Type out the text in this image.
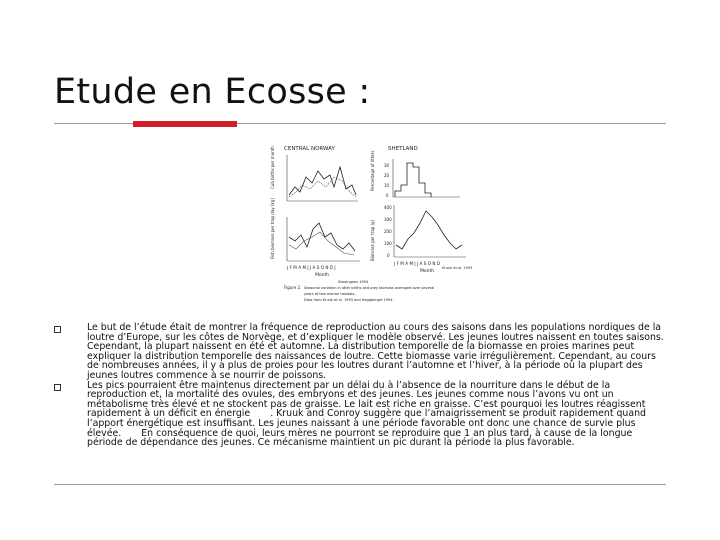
Etude en Ecosse :
CENTRAL NORWAY
Cub births per month	SHETLAND
Percentage of litters 30
20
10
0
Fish biomass per trap day (kg)
J F M A M J J A S O N D J
Month
Skeaingsen 1994
Biomass per trap (g)
400
300
200
100
0
J F M A M J J A S O N D
Month
Kruuk et al. 1993
Figure 2. Seasonal variation in otter births and prey biomass averaged over several
years at two marine habitats.
Data from Kruuk et al. 1993 and Heggberget 1994.
Le but de l’étude était de montrer la fréquence de reproduction au cours des saisons dans les populations nordiques de la loutre d’Europe, sur les côtes de Norvège, et d’expliquer le modèle observé. Les jeunes loutres naissent en toutes saisons. Cependant, la plupart naissent en été et automne. La distribution temporelle de la biomasse en proies marines peut expliquer la distribution temporelle des naissances de loutre. Cette biomasse varie irrégulièrement. Cependant, au cours de nombreuses années, il y a plus de proies pour les loutres durant l’automne et l’hiver, à la période où la plupart des jeunes loutres commence à se nourrir de poissons.
Les pics pourraient être maintenus directement par un délai du à l’absence de la nourriture dans le début de la reproduction et, la mortalité des ovules, des embryons et des jeunes. Les jeunes comme nous l’avons vu ont un métabolisme très élevé et ne stockent pas de graisse. Le lait est riche en graisse. C’est pourquoi les loutres réagissent rapidement à un déficit en énergie . Kruuk and Conroy suggère que l’amaigrissement se produit rapidement quand l’apport énergétique est insuffisant. Les jeunes naissant à une période favorable ont donc une chance de survie plus élevée. En conséquence de quoi, leurs mères ne pourront se reproduire que 1 an plus tard, à cause de la longue période de dépendance des jeunes. Ce mécanisme maintient un pic durant la période la plus favorable.
